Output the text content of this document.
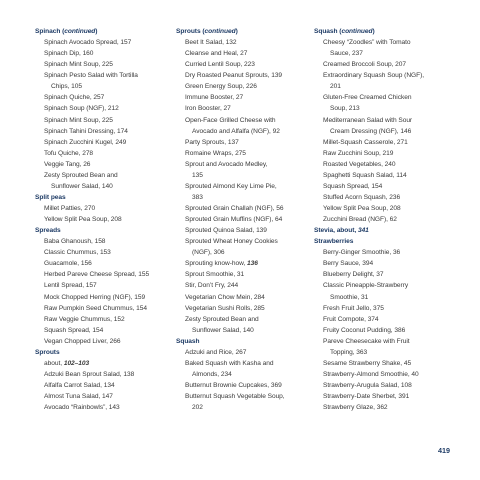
Spinach (continued)
Spinach Avocado Spread, 157
Spinach Dip, 160
Spinach Mint Soup, 225
Spinach Pesto Salad with Tortilla
Chips, 105
Spinach Quiche, 257
Spinach Soup (NGF), 212
Spinach Mint Soup, 225
Spinach Tahini Dressing, 174
Spinach Zucchini Kugel, 249
Tofu Quiche, 278
Veggie Tang, 26
Zesty Sprouted Bean and
Sunflower Salad, 140
Split peas
Millet Patties, 270
Yellow Split Pea Soup, 208
Spreads
Baba Ghanoush, 158
Classic Chummus, 153
Guacamole, 156
Herbed Pareve Cheese Spread, 155
Lentil Spread, 157
Mock Chopped Herring (NGF), 159
Raw Pumpkin Seed Chummus, 154
Raw Veggie Chummus, 152
Squash Spread, 154
Vegan Chopped Liver, 266
Sprouts
about, 102–103
Adzuki Bean Sprout Salad, 138
Alfalfa Carrot Salad, 134
Almost Tuna Salad, 147
Avocado “Rainbowls”, 143
Sprouts (continued)
Beet It Salad, 132
Cleanse and Heal, 27
Curried Lentil Soup, 223
Dry Roasted Peanut Sprouts, 139
Green Energy Soup, 226
Immune Booster, 27
Iron Booster, 27
Open-Face Grilled Cheese with
Avocado and Alfalfa (NGF), 92
Party Sprouts, 137
Romaine Wraps, 275
Sprout and Avocado Medley,
135
Sprouted Almond Key Lime Pie,
383
Sprouted Grain Challah (NGF), 56
Sprouted Grain Muffins (NGF), 64
Sprouted Quinoa Salad, 139
Sprouted Wheat Honey Cookies
(NGF), 306
Sprouting know-how, 136
Sprout Smoothie, 31
Stir, Don’t Fry, 244
Vegetarian Chow Mein, 284
Vegetarian Sushi Rolls, 285
Zesty Sprouted Bean and
Sunflower Salad, 140
Squash
Adzuki and Rice, 267
Baked Squash with Kasha and
Almonds, 234
Butternut Brownie Cupcakes, 369
Butternut Squash Vegetable Soup,
202
Squash (continued)
Cheesy “Zoodles” with Tomato
Sauce, 237
Creamed Broccoli Soup, 207
Extraordinary Squash Soup (NGF),
201
Gluten-Free Creamed Chicken
Soup, 213
Mediterranean Salad with Sour
Cream Dressing (NGF), 146
Millet-Squash Casserole, 271
Raw Zucchini Soup, 219
Roasted Vegetables, 240
Spaghetti Squash Salad, 114
Squash Spread, 154
Stuffed Acorn Squash, 236
Yellow Split Pea Soup, 208
Zucchini Bread (NGF), 62
Stevia, about, 341
Strawberries
Berry-Ginger Smoothie, 36
Berry Sauce, 394
Blueberry Delight, 37
Classic Pineapple-Strawberry
Smoothie, 31
Fresh Fruit Jello, 375
Fruit Compote, 374
Fruity Coconut Pudding, 386
Pareve Cheesecake with Fruit
Topping, 363
Sesame Strawberry Shake, 45
Strawberry-Almond Smoothie, 40
Strawberry-Arugula Salad, 108
Strawberry-Date Sherbet, 391
Strawberry Glaze, 362
419
